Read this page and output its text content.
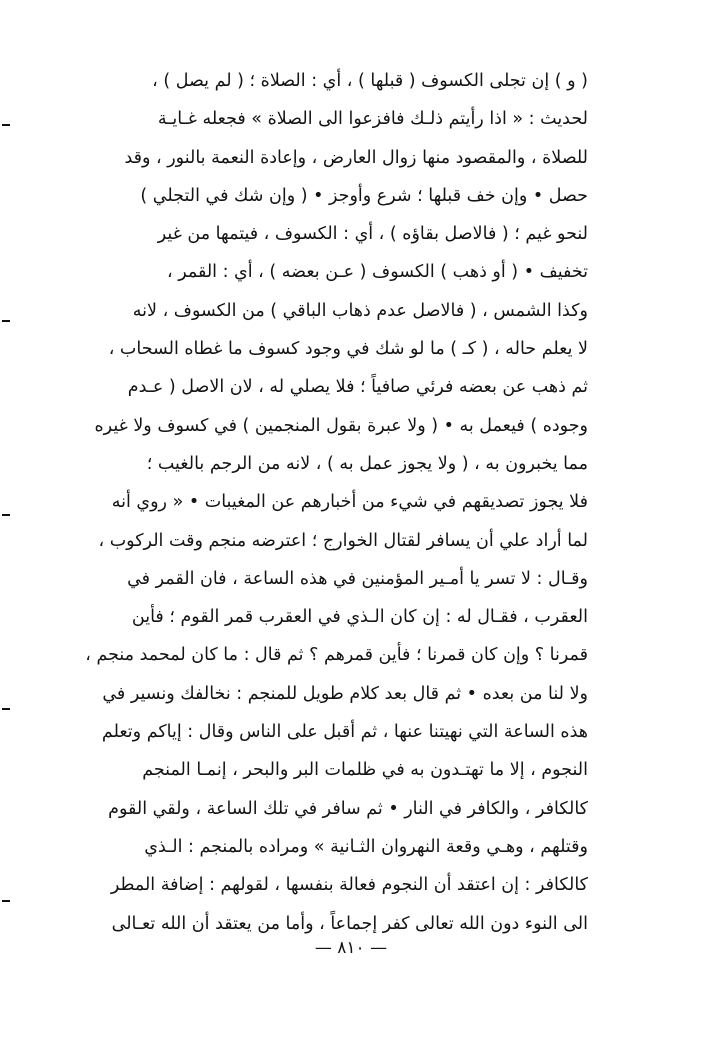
( و ) إن تجلى الكسوف ( قبلها ) ، أي : الصلاة ؛ ( لم يصل ) ،
لحديث : « اذا رأيتم ذلـك فافزعوا الى الصلاة » فجعله غـايـة
للصلاة ، والمقصود منها زوال العارض ، وإعادة النعمة بالنور ، وقد
حصل • وإن خف قبلها ؛ شرع وأوجز • ( وإن شك في التجلي )
لنحو غيم ؛ ( فالاصل بقاؤه ) ، أي : الكسوف ، فيتمها من غير
تخفيف • ( أو ذهب ) الكسوف ( عـن بعضه ) ، أي : القمر ،
وكذا الشمس ، ( فالاصل عدم ذهاب الباقي ) من الكسوف ، لانه
لا يعلم حاله ، ( كـ ) ما لو شك في وجود كسوف ما غطاه السحاب ،
ثم ذهب عن بعضه فرئي صافياً ؛ فلا يصلي له ، لان الاصل ( عـدم
وجوده ) فيعمل به • ( ولا عبرة بقول المنجمين ) في كسوف ولا غيره
مما يخبرون به ، ( ولا يجوز عمل به ) ، لانه من الرجم بالغيب ؛
فلا يجوز تصديقهم في شيء من أخبارهم عن المغيبات • « روي أنه
لما أراد علي أن يسافر لقتال الخوارج ؛ اعترضه منجم وقت الركوب ،
وقـال : لا تسر يا أمـير المؤمنين في هذه الساعة ، فان القمر في
العقرب ، فقـال له : إن كان الـذي في العقرب قمر القوم ؛ فأين
قمرنا ؟ وإن كان قمرنا ؛ فأين قمرهم ؟ ثم قال : ما كان لمحمد منجم ،
ولا لنا من بعده • ثم قال بعد كلام طويل للمنجم : نخالفك ونسير في
هذه الساعة التي نهيتنا عنها ، ثم أقبل على الناس وقال : إياكم وتعلم
النجوم ، إلا ما تهتـدون به في ظلمات البر والبحر ، إنمـا المنجم
كالكافر ، والكافر في النار • ثم سافر في تلك الساعة ، ولقي القوم
وقتلهم ، وهـي وقعة النهروان الثـانية » ومراده بالمنجم : الـذي
كالكافر : إن اعتقد أن النجوم فعالة بنفسها ، لقولهم : إضافة المطر
الى النوء دون الله تعالى كفر إجماعاً ، وأما من يعتقد أن الله تعـالى
— ٨١٠ —
